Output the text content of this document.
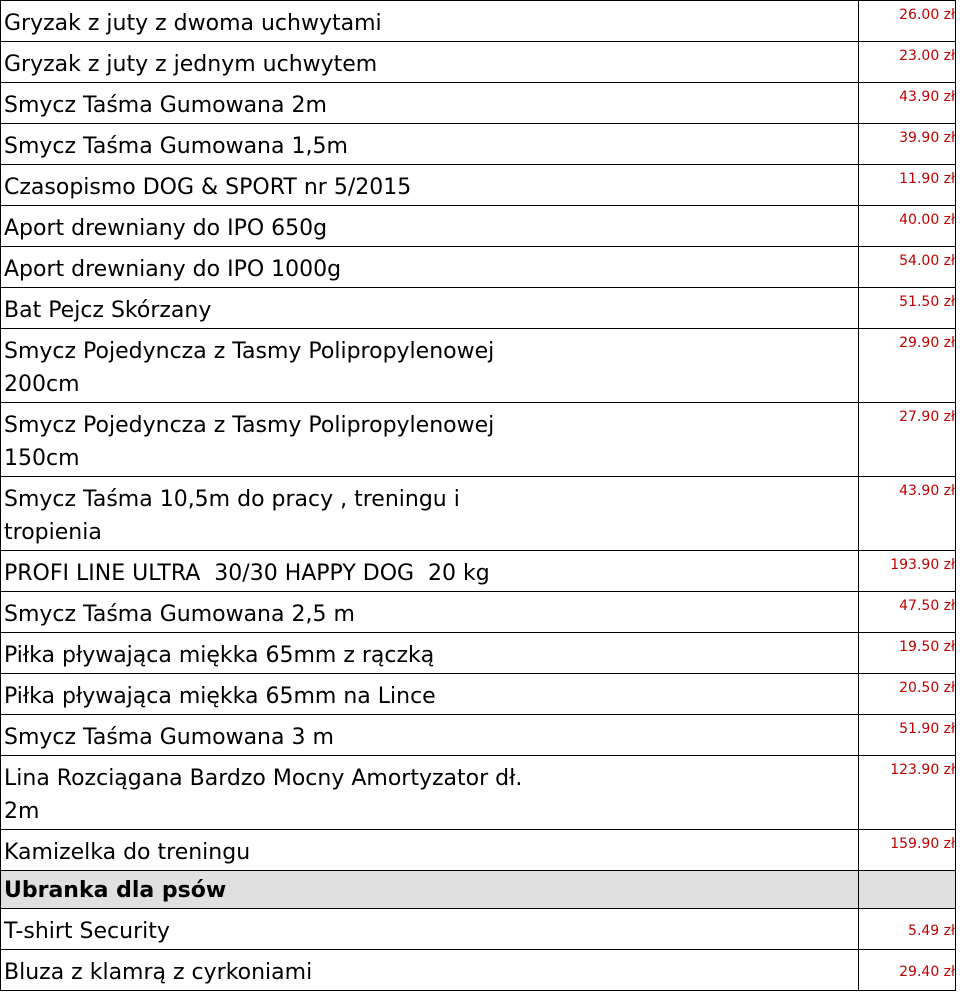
Gryzak z juty z dwoma uchwytami	26.00 zł
Gryzak z juty z jednym uchwytem	23.00 zł
Smycz Taśma Gumowana 2m	43.90 zł
Smycz Taśma Gumowana 1,5m	39.90 zł
Czasopismo DOG & SPORT nr 5/2015	11.90 zł
Aport drewniany do IPO 650g	40.00 zł
Aport drewniany do IPO 1000g	54.00 zł
Bat Pejcz Skórzany	51.50 zł
Smycz Pojedyncza z Tasmy Polipropylenowej 200cm	29.90 zł
Smycz Pojedyncza z Tasmy Polipropylenowej 150cm	27.90 zł
Smycz Taśma 10,5m do pracy , treningu i tropienia	43.90 zł
PROFI LINE ULTRA  30/30 HAPPY DOG  20 kg	193.90 zł
Smycz Taśma Gumowana 2,5 m	47.50 zł
Piłka pływająca miękka 65mm z rączką	19.50 zł
Piłka pływająca miękka 65mm na Lince	20.50 zł
Smycz Taśma Gumowana 3 m	51.90 zł
Lina Rozciągana Bardzo Mocny Amortyzator dł. 2m	123.90 zł
Kamizelka do treningu	159.90 zł
Ubranka dla psów	
T-shirt Security	5.49 zł
Bluza z klamrą z cyrkoniami	29.40 zł
